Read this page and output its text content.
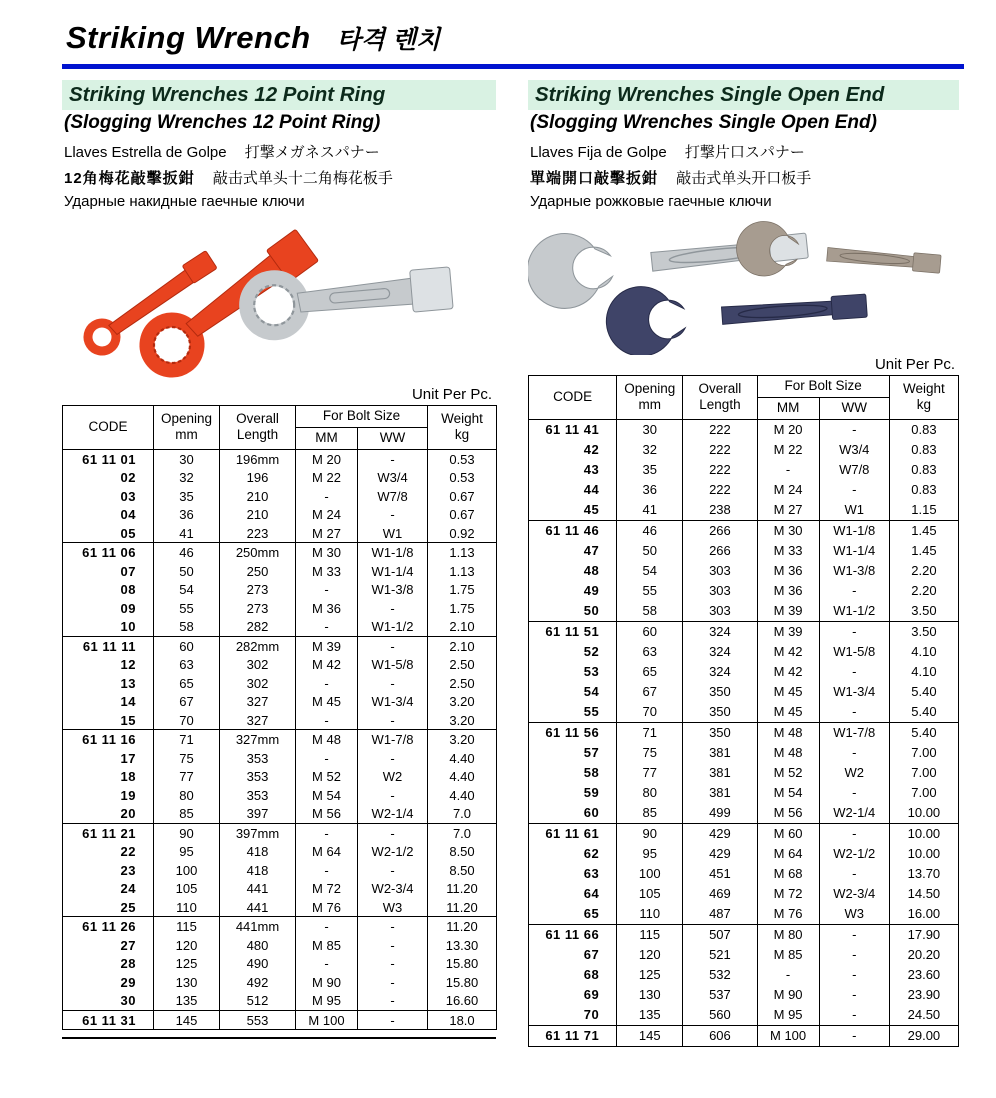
Striking Wrench 타격 렌치
Striking Wrenches 12 Point Ring
(Slogging Wrenches 12 Point Ring)

Llaves Estrella de Golpe 打撃メガネスパナー

12角梅花敲擊扳鉗 敲击式单头十二角梅花板手

Ударные накидные гаечные ключи

Unit Per Pc.
CODE	Opening
mm	Overall
Length	For Bolt Size		Weight
kg
			MM	WW	
61 11 01	30	196mm	M 20	-	0.53
02	32	196	M 22	W3/4	0.53
03	35	210	-	W7/8	0.67
04	36	210	M 24	-	0.67
05	41	223	M 27	W1	0.92
61 11 06	46	250mm	M 30	W1-1/8	1.13
07	50	250	M 33	W1-1/4	1.13
08	54	273	-	W1-3/8	1.75
09	55	273	M 36	-	1.75
10	58	282	-	W1-1/2	2.10
61 11 11	60	282mm	M 39	-	2.10
12	63	302	M 42	W1-5/8	2.50
13	65	302	-	-	2.50
14	67	327	M 45	W1-3/4	3.20
15	70	327	-	-	3.20
61 11 16	71	327mm	M 48	W1-7/8	3.20
17	75	353	-	-	4.40
18	77	353	M 52	W2	4.40
19	80	353	M 54	-	4.40
20	85	397	M 56	W2-1/4	7.0
61 11 21	90	397mm	-	-	7.0
22	95	418	M 64	W2-1/2	8.50
23	100	418	-	-	8.50
24	105	441	M 72	W2-3/4	11.20
25	110	441	M 76	W3	11.20
61 11 26	115	441mm	-	-	11.20
27	120	480	M 85	-	13.30
28	125	490	-	-	15.80
29	130	492	M 90	-	15.80
30	135	512	M 95	-	16.60
61 11 31	145	553	M 100	-	18.0
Striking Wrenches Single Open End
(Slogging Wrenches Single Open End)

Llaves Fija de Golpe 打撃片口スパナー

單端開口敲擊扳鉗 敲击式单头开口板手

Ударные рожковые гаечные ключи

Unit Per Pc.
CODE	Opening
mm	Overall
Length	For Bolt Size		Weight
kg
			MM	WW	
61 11 41	30	222	M 20	-	0.83
42	32	222	M 22	W3/4	0.83
43	35	222	-	W7/8	0.83
44	36	222	M 24	-	0.83
45	41	238	M 27	W1	1.15
61 11 46	46	266	M 30	W1-1/8	1.45
47	50	266	M 33	W1-1/4	1.45
48	54	303	M 36	W1-3/8	2.20
49	55	303	M 36	-	2.20
50	58	303	M 39	W1-1/2	3.50
61 11 51	60	324	M 39	-	3.50
52	63	324	M 42	W1-5/8	4.10
53	65	324	M 42	-	4.10
54	67	350	M 45	W1-3/4	5.40
55	70	350	M 45	-	5.40
61 11 56	71	350	M 48	W1-7/8	5.40
57	75	381	M 48	-	7.00
58	77	381	M 52	W2	7.00
59	80	381	M 54	-	7.00
60	85	499	M 56	W2-1/4	10.00
61 11 61	90	429	M 60	-	10.00
62	95	429	M 64	W2-1/2	10.00
63	100	451	M 68	-	13.70
64	105	469	M 72	W2-3/4	14.50
65	110	487	M 76	W3	16.00
61 11 66	115	507	M 80	-	17.90
67	120	521	M 85	-	20.20
68	125	532	-	-	23.60
69	130	537	M 90	-	23.90
70	135	560	M 95	-	24.50
61 11 71	145	606	M 100	-	29.00
